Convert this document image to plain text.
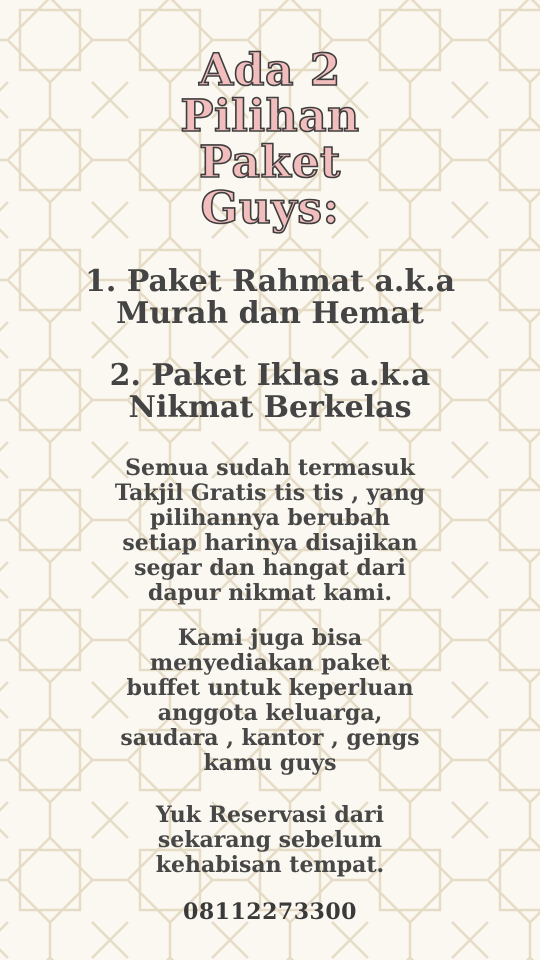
Ada 2
Pilihan
Paket
Guys:
1. Paket Rahmat a.k.a
Murah dan Hemat
2. Paket Iklas a.k.a
Nikmat Berkelas
Semua sudah termasuk
Takjil Gratis tis tis , yang
pilihannya berubah
setiap harinya disajikan
segar dan hangat dari
dapur nikmat kami.
Kami juga bisa
menyediakan paket
buffet untuk keperluan
anggota keluarga,
saudara , kantor , gengs
kamu guys
Yuk Reservasi dari
sekarang sebelum
kehabisan tempat.
08112273300
